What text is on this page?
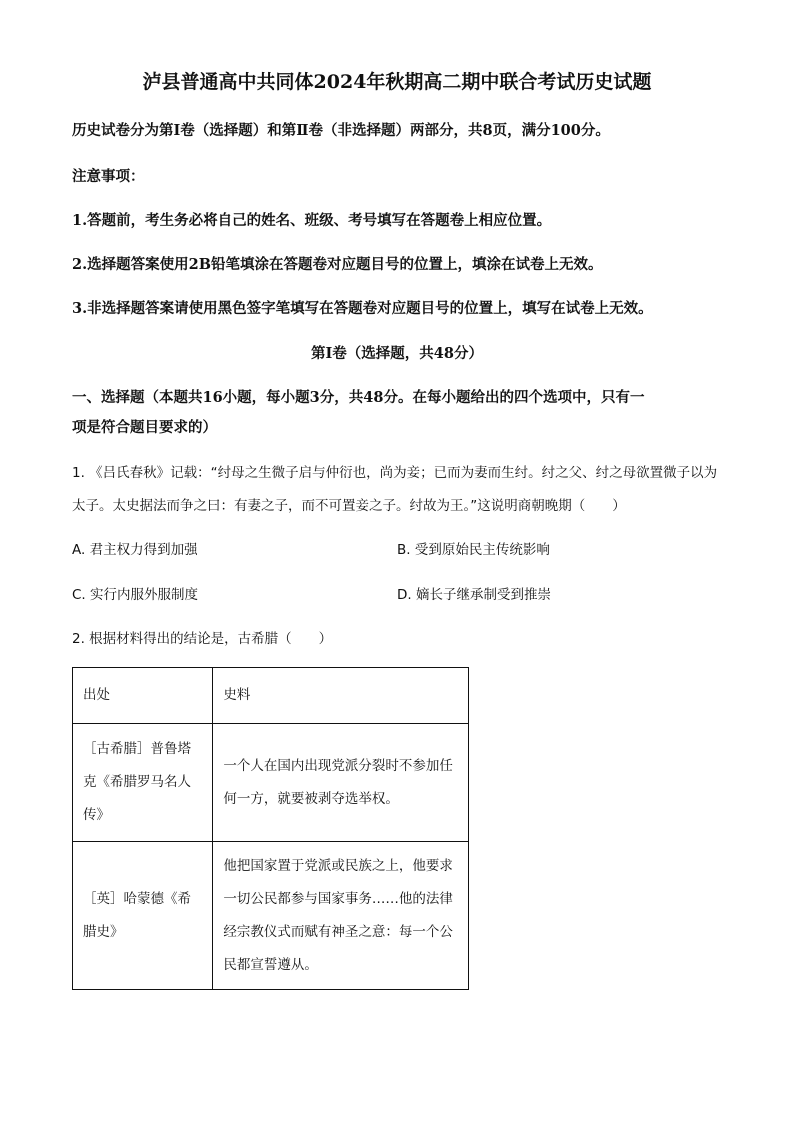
泸县普通高中共同体2024年秋期高二期中联合考试历史试题
历史试卷分为第Ⅰ卷（选择题）和第Ⅱ卷（非选择题）两部分，共8页，满分100分。
注意事项：
1.答题前，考生务必将自己的姓名、班级、考号填写在答题卷上相应位置。
2.选择题答案使用2B铅笔填涂在答题卷对应题目号的位置上，填涂在试卷上无效。
3.非选择题答案请使用黑色签字笔填写在答题卷对应题目号的位置上，填写在试卷上无效。
第Ⅰ卷（选择题，共48分）
一、选择题（本题共16小题，每小题3分，共48分。在每小题给出的四个选项中，只有一
项是符合题目要求的）
1. 《吕氏春秋》记载：“纣母之生微子启与仲衍也，尚为妾；已而为妻而生纣。纣之父、纣之母欲置微子以为太子。太史据法而争之曰：有妻之子，而不可置妾之子。纣故为王。”这说明商朝晚期（　　）
A. 君主权力得到加强	B. 受到原始民主传统影响
C. 实行内服外服制度	D. 嫡长子继承制受到推崇
2. 根据材料得出的结论是，古希腊（　　）
出处	史料
［古希腊］普鲁塔克《希腊罗马名人传》	一个人在国内出现党派分裂时不参加任何一方，就要被剥夺选举权。
［英］哈蒙德《希腊史》	他把国家置于党派或民族之上，他要求一切公民都参与国家事务……他的法律经宗教仪式而赋有神圣之意：每一个公民都宣誓遵从。
